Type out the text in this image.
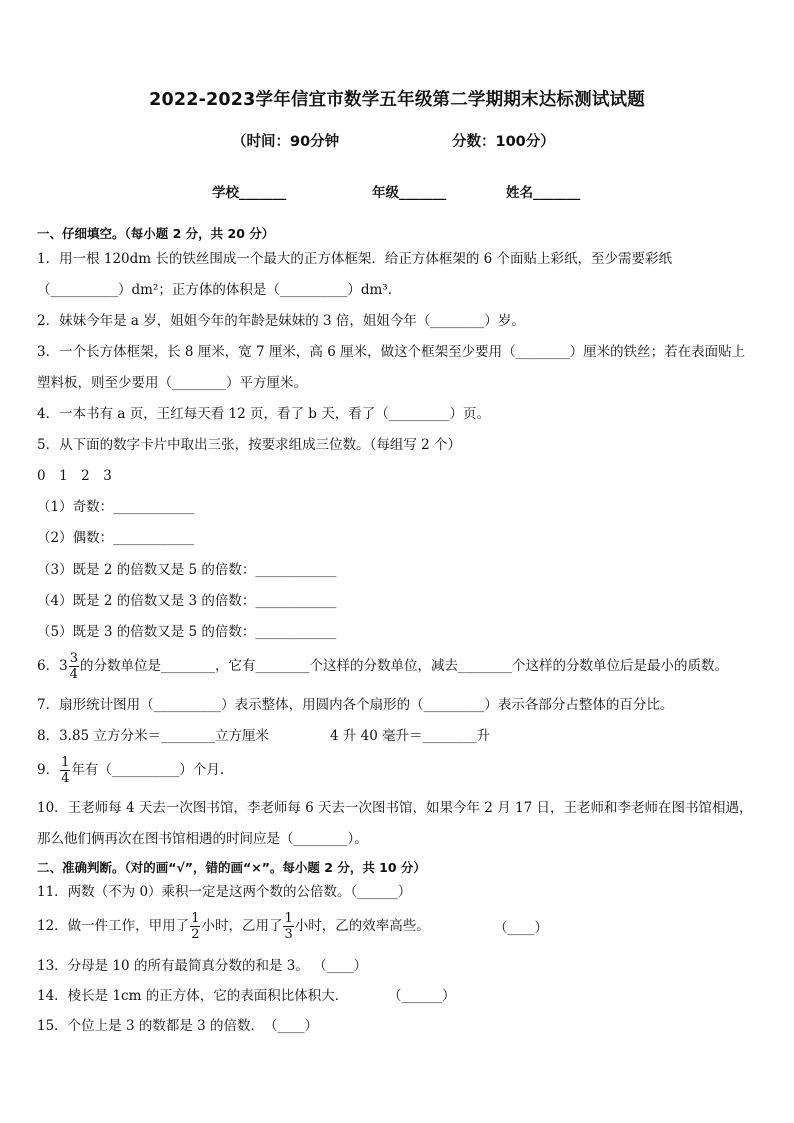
2022-2023学年信宜市数学五年级第二学期期末达标测试试题
（时间：90分钟	分数：100分）
学校_______	年级_______	姓名_______
一、仔细填空。（每小题 2 分，共 20 分）
1．用一根 120dm 长的铁丝围成一个最大的正方体框架．给正方体框架的 6 个面贴上彩纸，至少需要彩纸
（__________）dm²；正方体的体积是（__________）dm³．
2．妹妹今年是 a 岁，姐姐今年的年龄是妹妹的 3 倍，姐姐今年（________）岁。
3．一个长方体框架，长 8 厘米，宽 7 厘米，高 6 厘米，做这个框架至少要用（________）厘米的铁丝；若在表面贴上
塑料板，则至少要用（________）平方厘米。
4．一本书有 a 页，王红每天看 12 页，看了 b 天，看了（_________）页。
5．从下面的数字卡片中取出三张，按要求组成三位数。（每组写 2 个）
0　1　2　3
（1）奇数：____________
（2）偶数：____________
（3）既是 2 的倍数又是 5 的倍数：____________
（4）既是 2 的倍数又是 3 的倍数：____________
（5）既是 3 的倍数又是 5 的倍数：____________
6．$3 \frac{3}{4}$ 的分数单位是________，它有________个这样的分数单位，减去________个这样的分数单位后是最小的质数。
7．扇形统计图用（__________）表示整体，用圆内各个扇形的（_________）表示各部分占整体的百分比。
8．3.85 立方分米＝________立方厘米	4 升 40 毫升＝________升
9． $\frac{1}{4}$ 年有（__________）个月.
10．王老师每 4 天去一次图书馆，李老师每 6 天去一次图书馆，如果今年 2 月 17 日，王老师和李老师在图书馆相遇，
那么他们俩再次在图书馆相遇的时间应是（________）。
二、准确判断。（对的画“√”，错的画“×”。每小题 2 分，共 10 分）
11．两数（不为 0）乘积一定是这两个数的公倍数。（______）
12．做一件工作，甲用了 $\frac{1}{2}$ 小时，乙用了 $\frac{1}{3}$ 小时，乙的效率高些。	（____）
13．分母是 10 的所有最简真分数的和是 3。 （____）
14．棱长是 1cm 的正方体，它的表面积比体积大．	（______）
15．个位上是 3 的数都是 3 的倍数．　（____）
